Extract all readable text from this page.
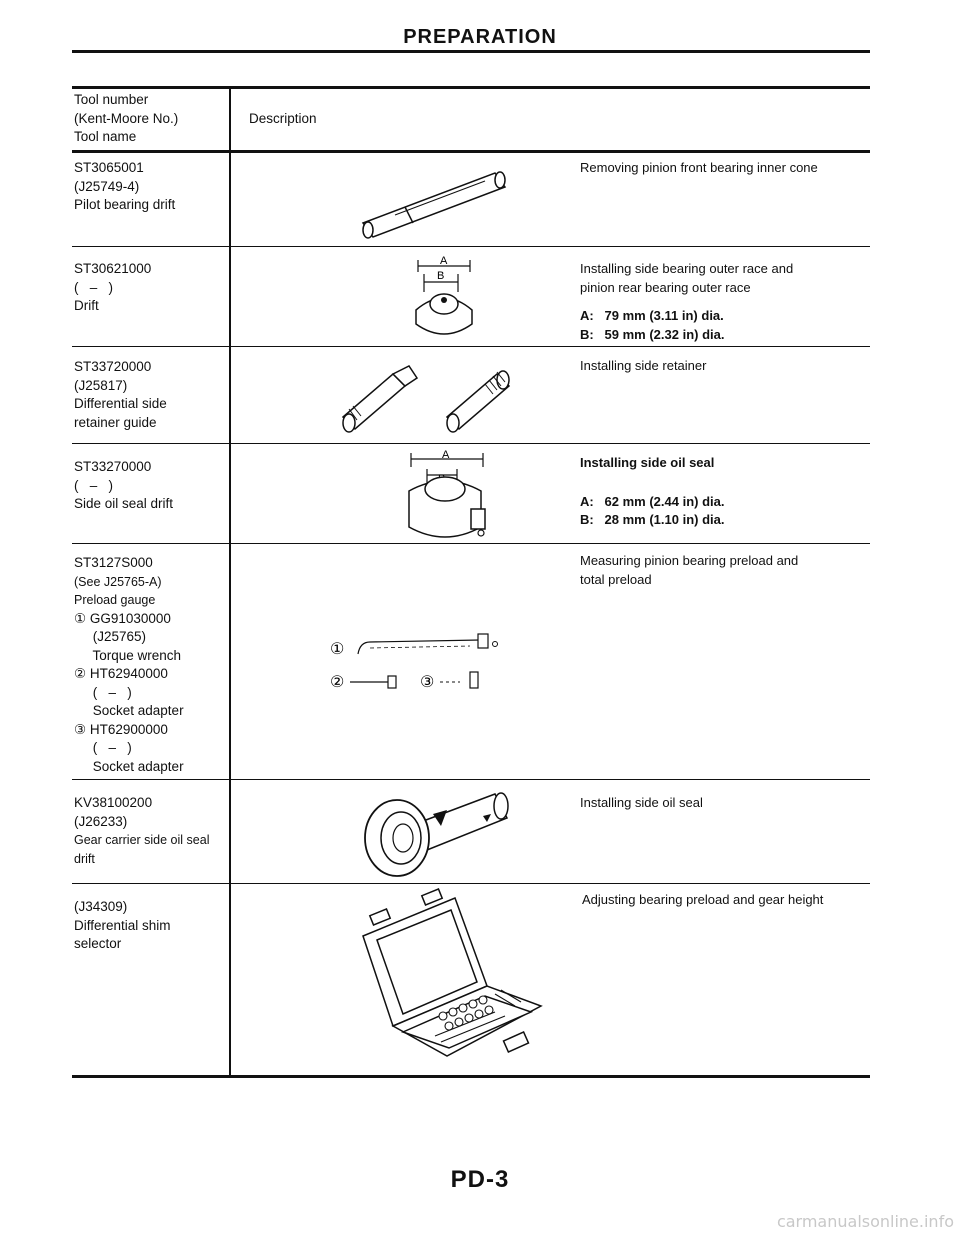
PREPARATION
Tool number
(Kent-Moore No.)
Tool name
Description
ST3065001
(J25749-4)
Pilot bearing drift
Removing pinion front bearing inner cone
ST30621000
(   –   )
Drift
Installing side bearing outer race and
pinion rear bearing outer race
A:   79 mm (3.11 in) dia.
B:   59 mm (2.32 in) dia.
A
B
ST33720000
(J25817)
Differential side
retainer guide
Installing side retainer
ST33270000
(   –   )
Side oil seal drift
Installing side oil seal
A:   62 mm (2.44 in) dia.
B:   28 mm (1.10 in) dia.
A
ST3127S000
(See J25765-A)
Preload gauge
① GG91030000
(J25765)
Torque wrench
② HT62940000
(   –   )
Socket adapter
③ HT62900000
(   –   )
Socket adapter
Measuring pinion bearing preload and
total preload
①
②	③
KV38100200
(J26233)
Gear carrier side oil seal
drift
Installing side oil seal
(J34309)
Differential shim
selector
Adjusting bearing preload and gear height
PD-3
carmanualsonline.info
